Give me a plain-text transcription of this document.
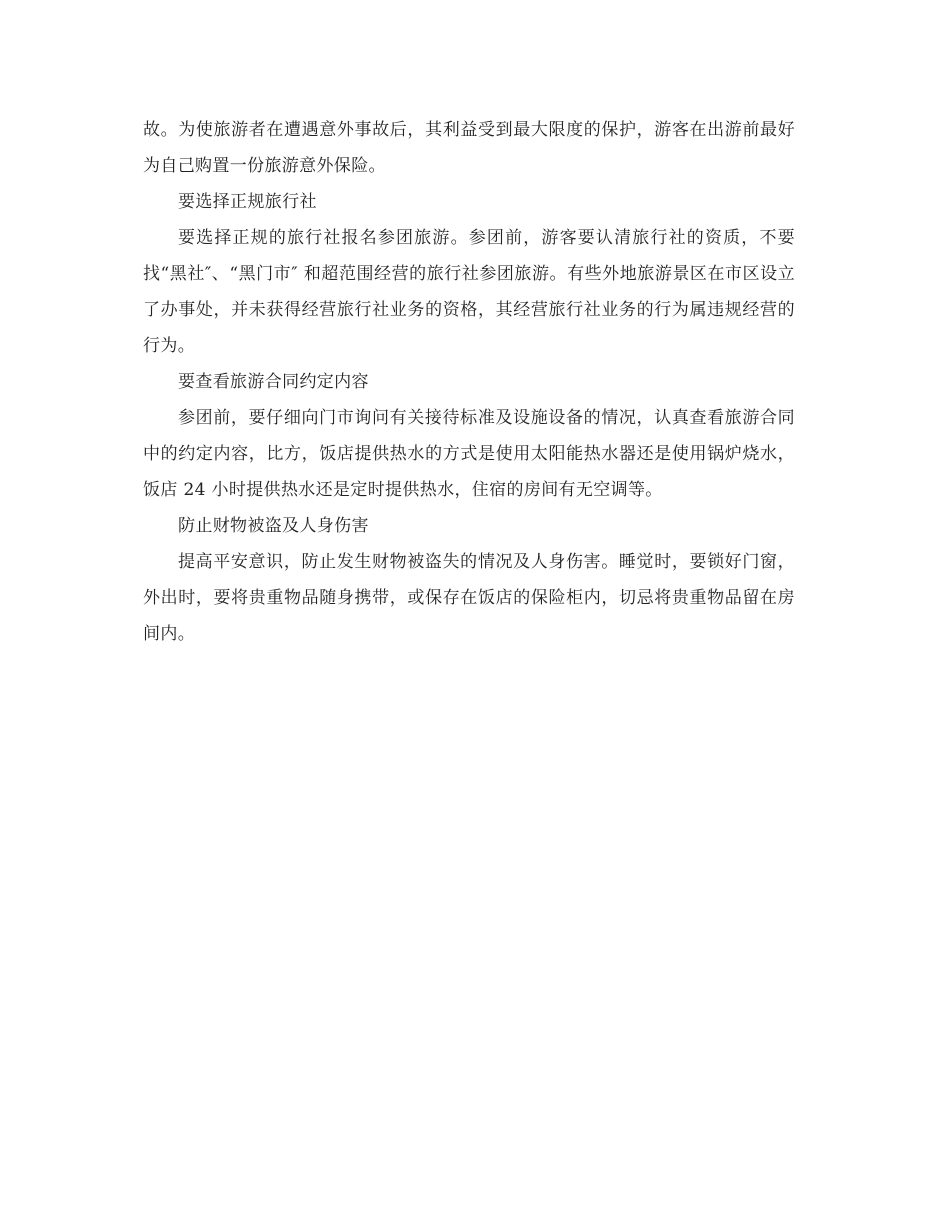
故。为使旅游者在遭遇意外事故后，其利益受到最大限度的保护，游客在出游前最好为自己购置一份旅游意外保险。

要选择正规旅行社

要选择正规的旅行社报名参团旅游。参团前，游客要认清旅行社的资质，不要找“黑社″、“黑门市″ 和超范围经营的旅行社参团旅游。有些外地旅游景区在市区设立了办事处，并未获得经营旅行社业务的资格，其经营旅行社业务的行为属违规经营的行为。

要查看旅游合同约定内容

参团前，要仔细向门市询问有关接待标准及设施设备的情况，认真查看旅游合同中的约定内容，比方，饭店提供热水的方式是使用太阳能热水器还是使用锅炉烧水，饭店 24 小时提供热水还是定时提供热水，住宿的房间有无空调等。

防止财物被盗及人身伤害

提高平安意识，防止发生财物被盗失的情况及人身伤害。睡觉时，要锁好门窗，外出时，要将贵重物品随身携带，或保存在饭店的保险柜内，切忌将贵重物品留在房间内。
